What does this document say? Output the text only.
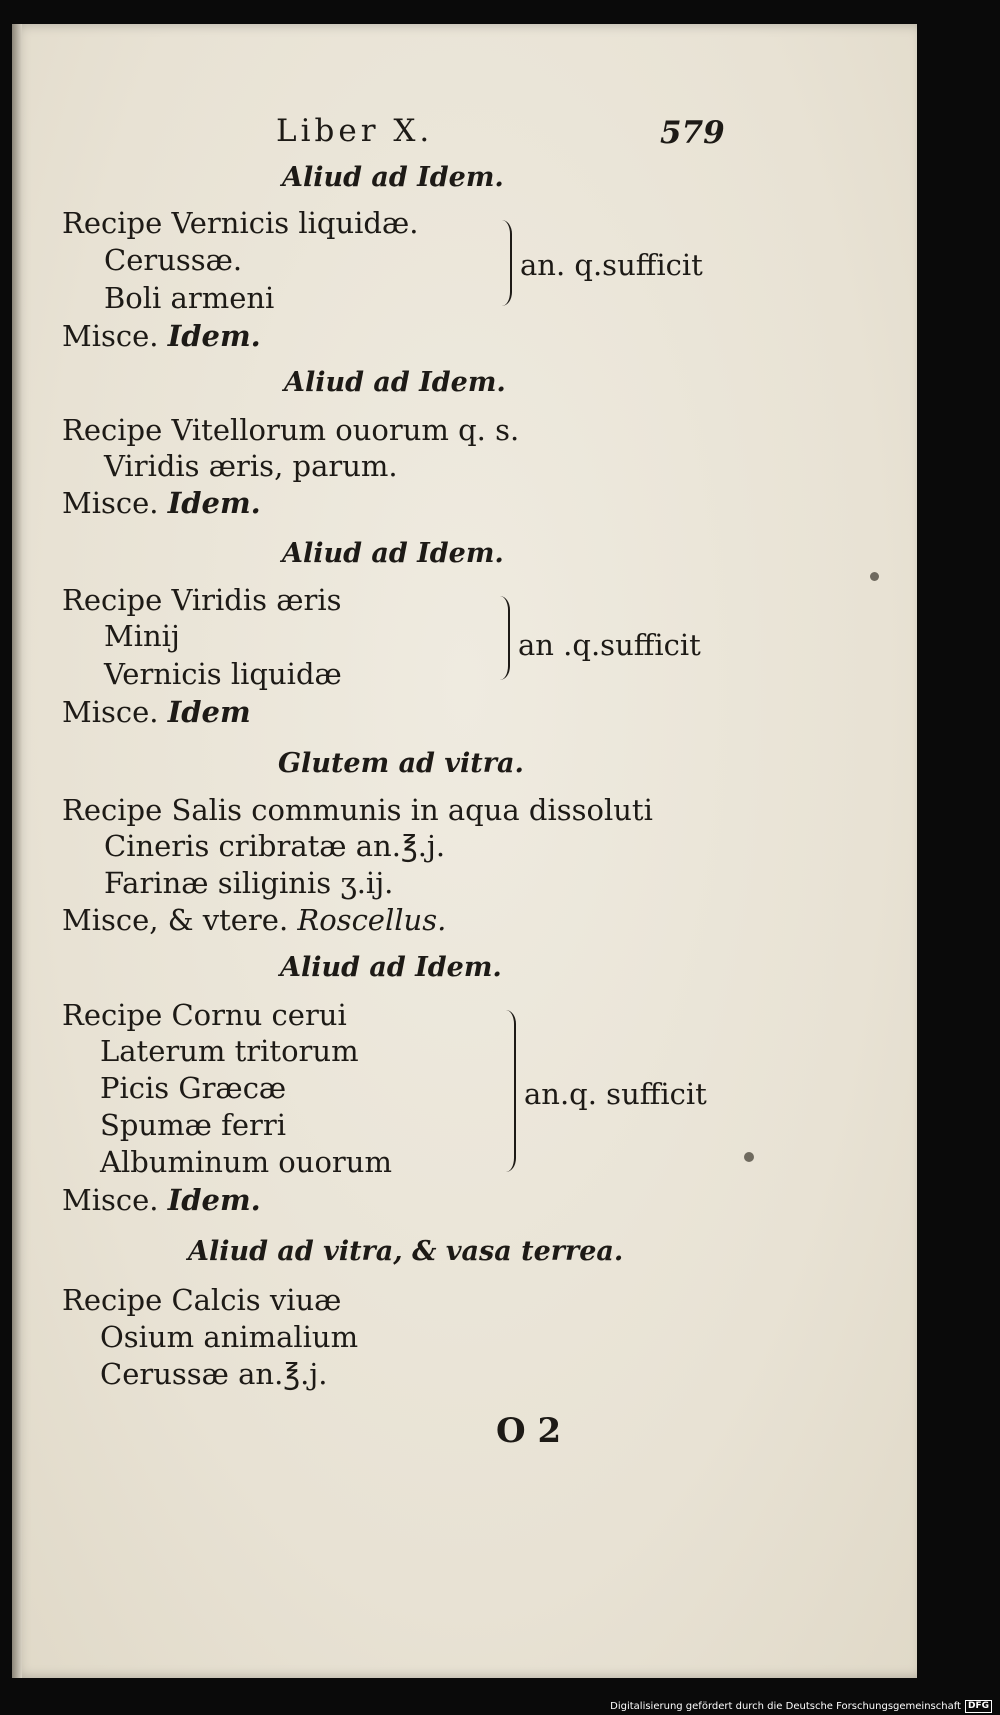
Liber X.	579
Aliud ad Idem.
Recipe Vernicis liquidæ.
Cerussæ.
Boli armeni
an. q.sufficit
Misce. Idem.
Aliud ad Idem.
Recipe Vitellorum ouorum q. s.
Viridis æris, parum.
Misce. Idem.
Aliud ad Idem.
Recipe Viridis æris
Minij
Vernicis liquidæ
an .q.sufficit
Misce. Idem
Glutem ad vitra.
Recipe Salis communis in aqua dissoluti
Cineris cribratæ an.℥.j.
Farinæ siliginis ʒ.ij.
Misce, & vtere. Roscellus.
Aliud ad Idem.
Recipe Cornu cerui
Laterum tritorum
Picis Græcæ
Spumæ ferri
Albuminum ouorum
an.q. sufficit
Misce. Idem.
Aliud ad vitra, & vasa terrea.
Recipe Calcis viuæ
Osium animalium
Cerussæ an.℥.j.
O 2
Digitalisierung gefördert durch die Deutsche Forschungsgemeinschaft DFG
